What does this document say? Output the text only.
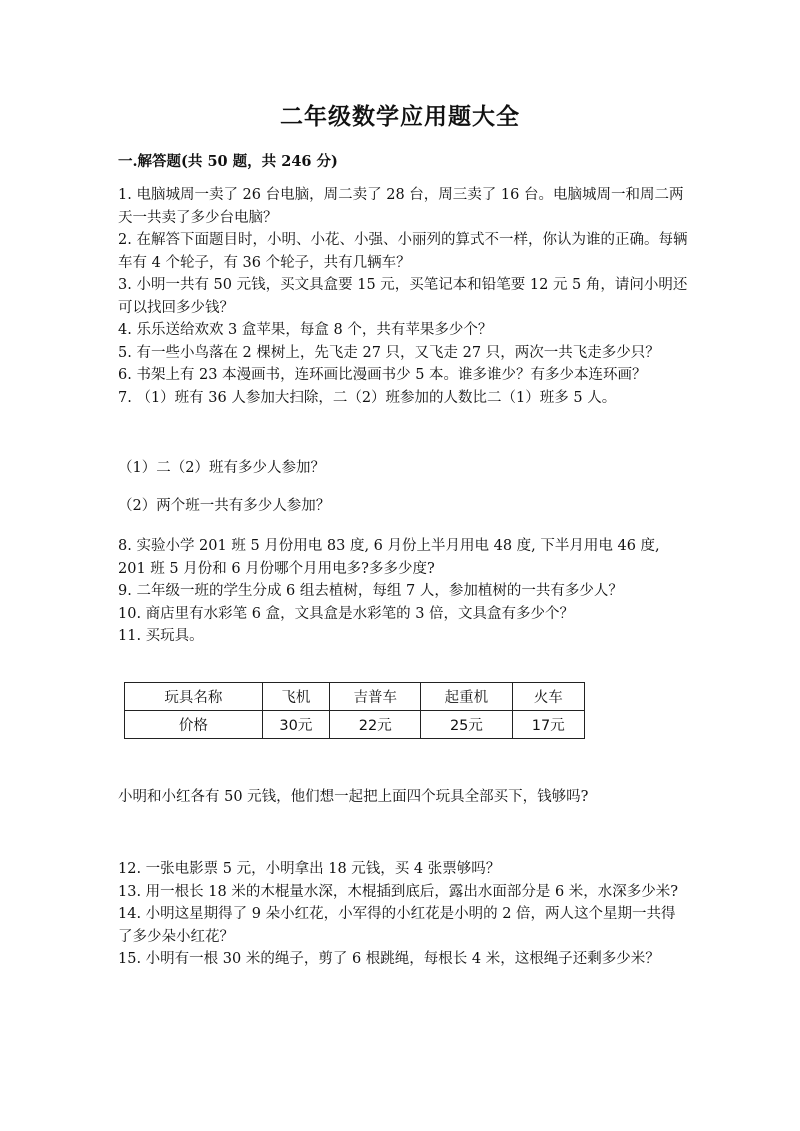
二年级数学应用题大全
一.解答题(共 50 题，共 246 分)

1. 电脑城周一卖了 26 台电脑，周二卖了 28 台，周三卖了 16 台。电脑城周一和周二两天一共卖了多少台电脑？

2. 在解答下面题目时，小明、小花、小强、小丽列的算式不一样，你认为谁的正确。每辆车有 4 个轮子，有 36 个轮子，共有几辆车？

3. 小明一共有 50 元钱，买文具盒要 15 元，买笔记本和铅笔要 12 元 5 角，请问小明还可以找回多少钱？

4. 乐乐送给欢欢 3 盒苹果，每盒 8 个，共有苹果多少个？

5. 有一些小鸟落在 2 棵树上，先飞走 27 只，又飞走 27 只，两次一共飞走多少只？

6. 书架上有 23 本漫画书，连环画比漫画书少 5 本。谁多谁少？有多少本连环画？

7. （1）班有 36 人参加大扫除，二（2）班参加的人数比二（1）班多 5 人。

（1）二（2）班有多少人参加？
（2）两个班一共有多少人参加？

8. 实验小学 201 班 5 月份用电 83 度, 6 月份上半月用电 48 度, 下半月用电 46 度, 201 班 5 月份和 6 月份哪个月用电多?多多少度?

9. 二年级一班的学生分成 6 组去植树，每组 7 人，参加植树的一共有多少人？

10. 商店里有水彩笔 6 盒，文具盒是水彩笔的 3 倍，文具盒有多少个？

11. 买玩具。

玩具名称	飞机	吉普车	起重机	火车
价格	30元	22元	25元	17元
小明和小红各有 50 元钱，他们想一起把上面四个玩具全部买下，钱够吗?

12. 一张电影票 5 元，小明拿出 18 元钱，买 4 张票够吗？

13. 用一根长 18 米的木棍量水深，木棍插到底后，露出水面部分是 6 米，水深多少米?

14. 小明这星期得了 9 朵小红花，小军得的小红花是小明的 2 倍，两人这个星期一共得了多少朵小红花？

15. 小明有一根 30 米的绳子，剪了 6 根跳绳，每根长 4 米，这根绳子还剩多少米？
